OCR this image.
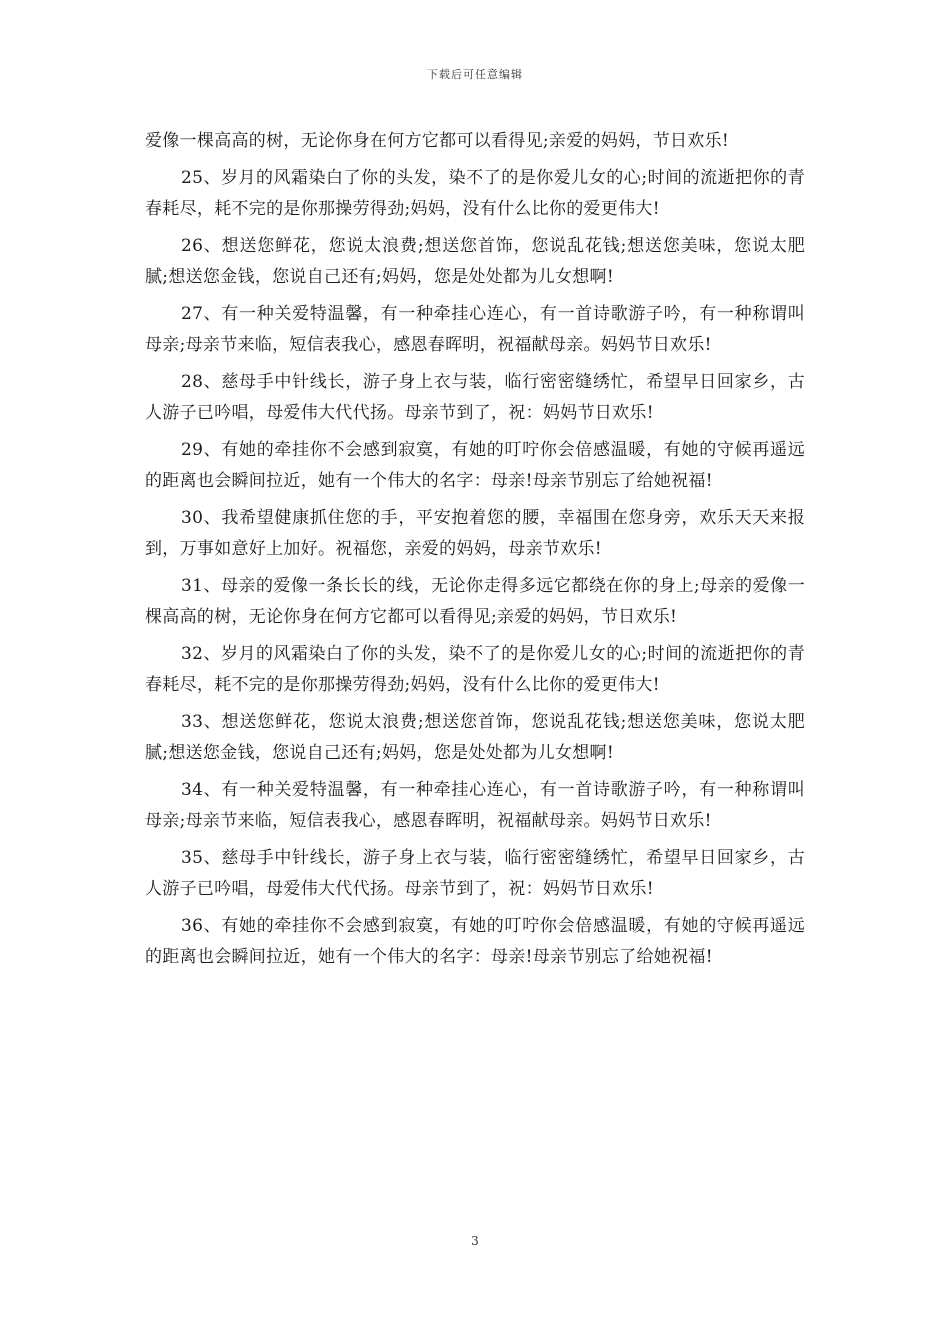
下载后可任意编辑

爱像一棵高高的树，无论你身在何方它都可以看得见;亲爱的妈妈，节日欢乐!

25、岁月的风霜染白了你的头发，染不了的是你爱儿女的心;时间的流逝把你的青春耗尽，耗不完的是你那操劳得劲;妈妈，没有什么比你的爱更伟大!

26、想送您鲜花，您说太浪费;想送您首饰，您说乱花钱;想送您美味，您说太肥腻;想送您金钱，您说自己还有;妈妈，您是处处都为儿女想啊!

27、有一种关爱特温馨，有一种牵挂心连心，有一首诗歌游子吟，有一种称谓叫母亲;母亲节来临，短信表我心，感恩春晖明，祝福献母亲。妈妈节日欢乐!

28、慈母手中针线长，游子身上衣与装，临行密密缝绣忙，希望早日回家乡，古人游子已吟唱，母爱伟大代代扬。母亲节到了，祝：妈妈节日欢乐!

29、有她的牵挂你不会感到寂寞，有她的叮咛你会倍感温暖，有她的守候再遥远的距离也会瞬间拉近，她有一个伟大的名字：母亲!母亲节别忘了给她祝福!

30、我希望健康抓住您的手，平安抱着您的腰，幸福围在您身旁，欢乐天天来报到，万事如意好上加好。祝福您，亲爱的妈妈，母亲节欢乐!

31、母亲的爱像一条长长的线，无论你走得多远它都绕在你的身上;母亲的爱像一棵高高的树，无论你身在何方它都可以看得见;亲爱的妈妈，节日欢乐!

32、岁月的风霜染白了你的头发，染不了的是你爱儿女的心;时间的流逝把你的青春耗尽，耗不完的是你那操劳得劲;妈妈，没有什么比你的爱更伟大!

33、想送您鲜花，您说太浪费;想送您首饰，您说乱花钱;想送您美味，您说太肥腻;想送您金钱，您说自己还有;妈妈，您是处处都为儿女想啊!

34、有一种关爱特温馨，有一种牵挂心连心，有一首诗歌游子吟，有一种称谓叫母亲;母亲节来临，短信表我心，感恩春晖明，祝福献母亲。妈妈节日欢乐!

35、慈母手中针线长，游子身上衣与装，临行密密缝绣忙，希望早日回家乡，古人游子已吟唱，母爱伟大代代扬。母亲节到了，祝：妈妈节日欢乐!

36、有她的牵挂你不会感到寂寞，有她的叮咛你会倍感温暖，有她的守候再遥远的距离也会瞬间拉近，她有一个伟大的名字：母亲!母亲节别忘了给她祝福!

3
